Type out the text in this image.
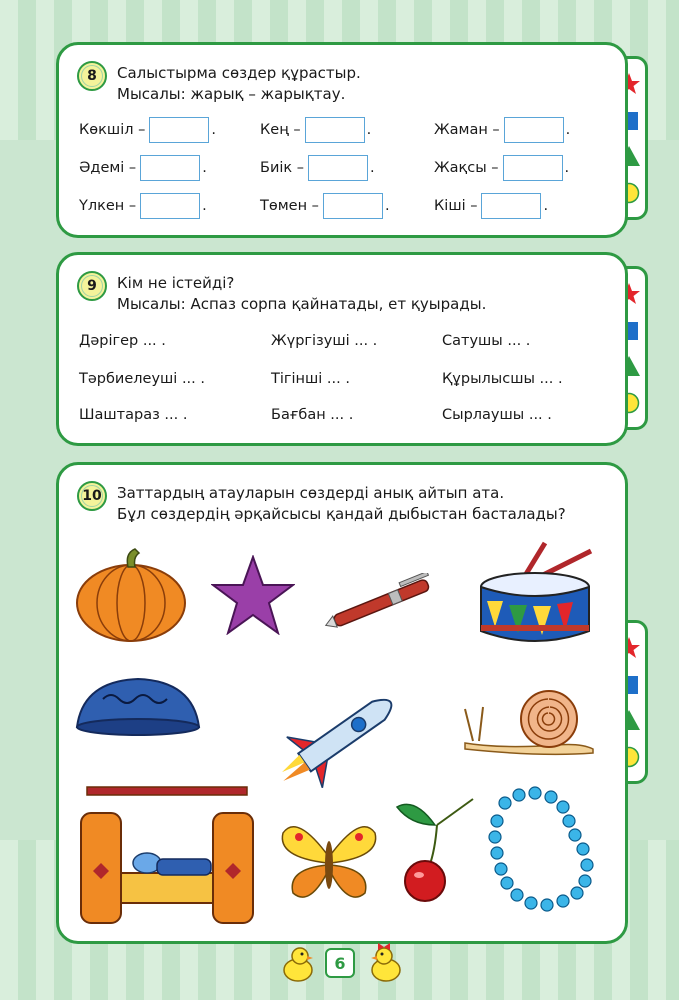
8	Салыстырма сөздер құрастыр.
Мысалы: жарық – жарықтау.
Көкшіл –	.	Кең –	.	Жаман –	.
Әдемі –	.	Биік –	.	Жақсы –	.
Үлкен –	.	Төмен –	.	Кіші –	.
9	Кім не істейді?
Мысалы: Аспаз сорпа қайнатады, ет қуырады.
Дәрігер ... .	Жүргізуші ... .	Сатушы ... .
Тәрбиелеуші ... .	Тігінші ... .	Құрылысшы ... .
Шаштараз ... .	Бағбан ... .	Сырлаушы ... .
10	Заттардың атауларын сөздерді анық айтып ата.
Бұл сөздердің әрқайсысы қандай дыбыстан басталады?
6
